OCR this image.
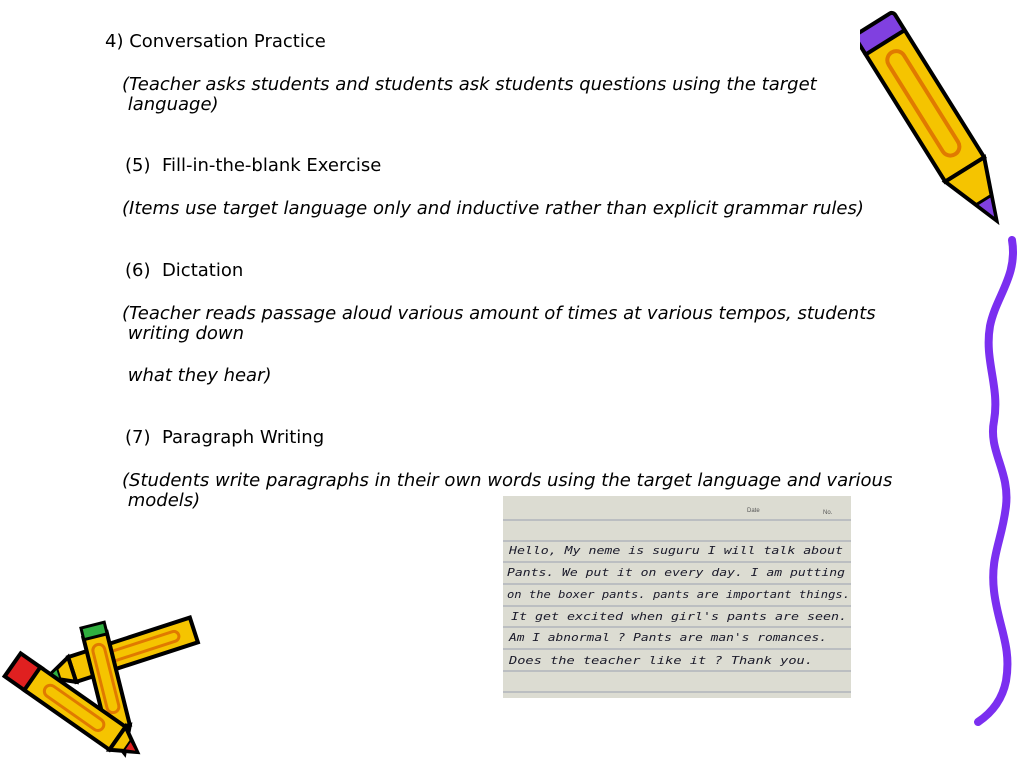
4) Conversation Practice
(Teacher asks students and students ask students questions using the target
language)
(5)  Fill-in-the-blank Exercise
(Items use target language only and inductive rather than explicit grammar rules)
(6)  Dictation
(Teacher reads passage aloud various amount of times at various tempos, students
writing down
what they hear)
(7)  Paragraph Writing
(Students write paragraphs in their own words using the target language and various
models)	Date	No.
Hello, My neme is suguru I will talk about
Pants. We put it on every day. I am putting
on the boxer pants. pants are important things.
It get excited when girl's pants are seen.
Am I abnormal ? Pants are man's romances.
Does the teacher like it ? Thank you.
